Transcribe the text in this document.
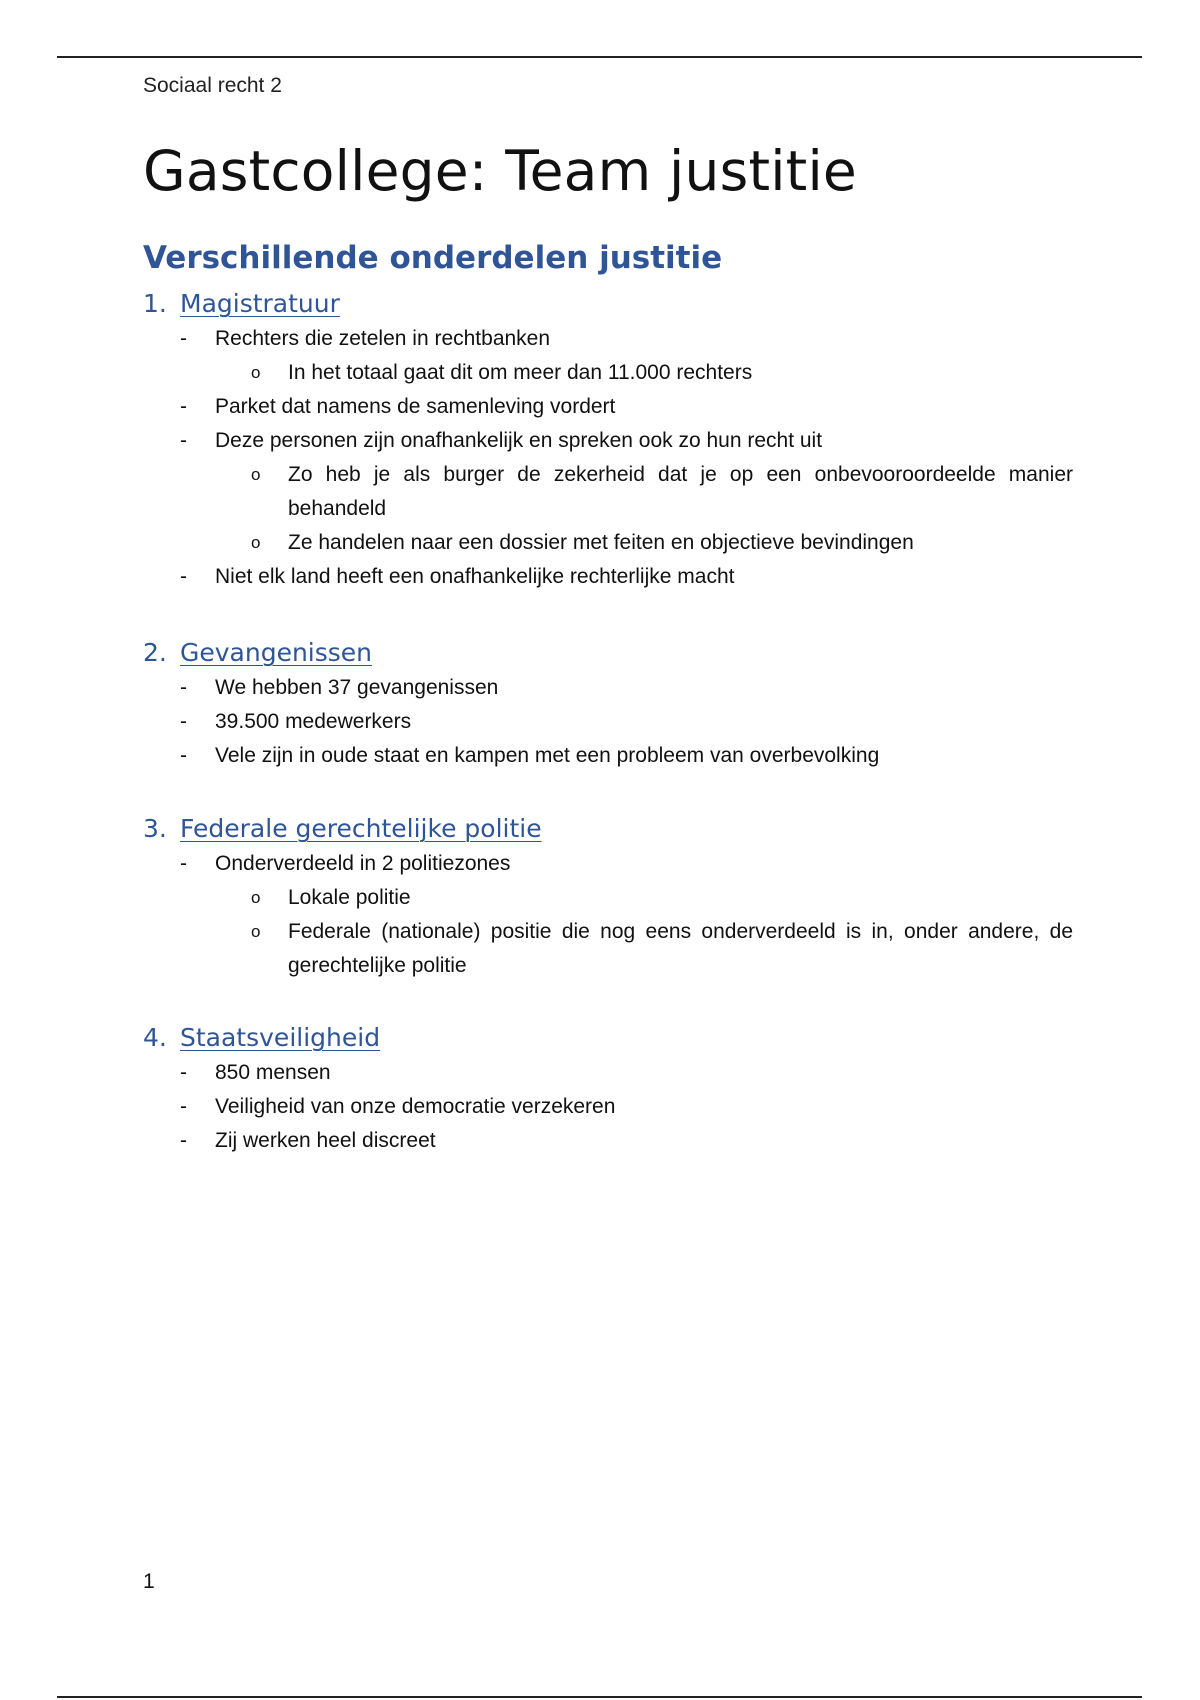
Sociaal recht 2
Gastcollege: Team justitie
Verschillende onderdelen justitie
1. Magistratuur
- Rechters die zetelen in rechtbanken
o In het totaal gaat dit om meer dan 11.000 rechters
- Parket dat namens de samenleving vordert
- Deze personen zijn onafhankelijk en spreken ook zo hun recht uit
o Zo heb je als burger de zekerheid dat je op een onbevooroordeelde manier behandeld
o Ze handelen naar een dossier met feiten en objectieve bevindingen
- Niet elk land heeft een onafhankelijke rechterlijke macht
2. Gevangenissen
- We hebben 37 gevangenissen
- 39.500 medewerkers
- Vele zijn in oude staat en kampen met een probleem van overbevolking
3. Federale gerechtelijke politie
- Onderverdeeld in 2 politiezones
o Lokale politie
o Federale (nationale) positie die nog eens onderverdeeld is in, onder andere, de gerechtelijke politie
4. Staatsveiligheid
- 850 mensen
- Veiligheid van onze democratie verzekeren
- Zij werken heel discreet
1
